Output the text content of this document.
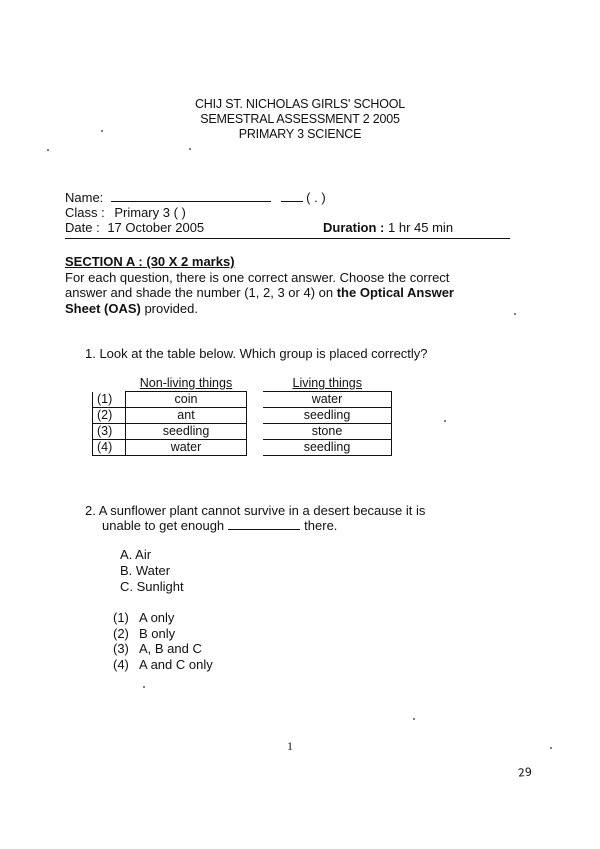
CHIJ ST. NICHOLAS GIRLS' SCHOOL
SEMESTRAL ASSESSMENT 2 2005
PRIMARY 3 SCIENCE
Name:	( . )
Class : Primary 3 ( )
Date : 17 October 2005	Duration : 1 hr 45 min
SECTION A : (30 X 2 marks)
For each question, there is one correct answer. Choose the correct
answer and shade the number (1, 2, 3 or 4) on the Optical Answer
Sheet (OAS) provided.
1. Look at the table below. Which group is placed correctly?
	Non-living things		Living things
(1)	coin		water
(2)	ant		seedling
(3)	seedling		stone
(4)	water		seedling
2. A sunflower plant cannot survive in a desert because it is
unable to get enough	there.
A. Air
B. Water
C. Sunlight
(1) A only
(2) B only
(3) A, B and C
(4) A and C only
1
29
